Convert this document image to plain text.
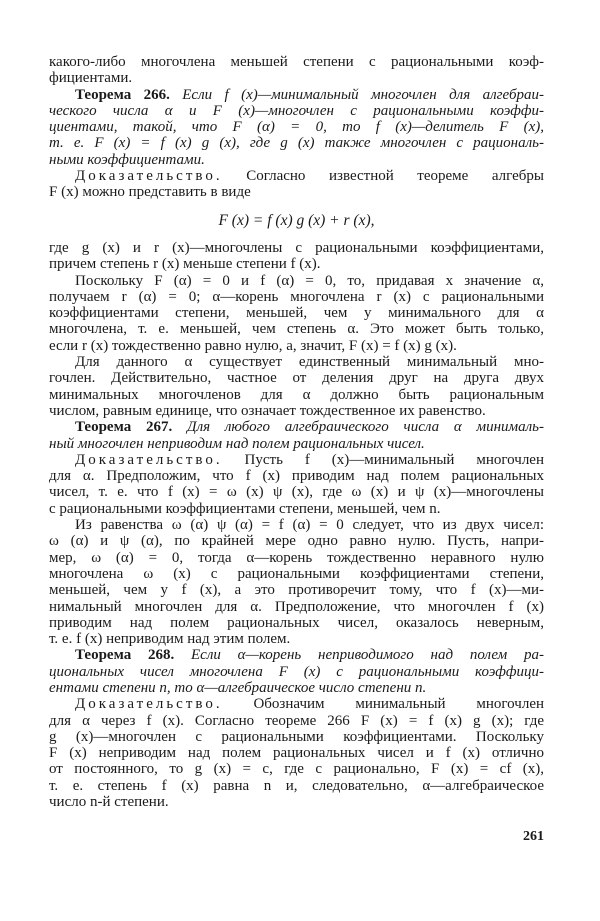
какого-либо многочлена меньшей степени с рациональными коэф-
фициентами.
Теорема 266. Если f (x)—минимальный многочлен для алгебраи-
ческого числа α и F (x)—многочлен с рациональными коэффи-
циентами, такой, что F (α) = 0, то f (x)—делитель F (x),
т. е. F (x) = f (x) g (x), где g (x) также многочлен с рациональ-
ными коэффициентами.
Доказательство. Согласно известной теореме алгебры
F (x) можно представить в виде
F (x) = f (x) g (x) + r (x),
где g (x) и r (x)—многочлены с рациональными коэффициентами,
причем степень r (x) меньше степени f (x).
Поскольку F (α) = 0 и f (α) = 0, то, придавая x значение α,
получаем r (α) = 0; α—корень многочлена r (x) с рациональными
коэффициентами степени, меньшей, чем у минимального для α
многочлена, т. е. меньшей, чем степень α. Это может быть только,
если r (x) тождественно равно нулю, а, значит, F (x) = f (x) g (x).
Для данного α существует единственный минимальный мно-
гочлен. Действительно, частное от деления друг на друга двух
минимальных многочленов для α должно быть рациональным
числом, равным единице, что означает тождественное их равенство.
Теорема 267. Для любого алгебраического числа α минималь-
ный многочлен неприводим над полем рациональных чисел.
Доказательство. Пусть f (x)—минимальный многочлен
для α. Предположим, что f (x) приводим над полем рациональных
чисел, т. е. что f (x) = ω (x) ψ (x), где ω (x) и ψ (x)—многочлены
с рациональными коэффициентами степени, меньшей, чем n.
Из равенства ω (α) ψ (α) = f (α) = 0 следует, что из двух чисел:
ω (α) и ψ (α), по крайней мере одно равно нулю. Пусть, напри-
мер, ω (α) = 0, тогда α—корень тождественно неравного нулю
многочлена ω (x) с рациональными коэффициентами степени,
меньшей, чем у f (x), а это противоречит тому, что f (x)—ми-
нимальный многочлен для α. Предположение, что многочлен f (x)
приводим над полем рациональных чисел, оказалось неверным,
т. е. f (x) неприводим над этим полем.
Теорема 268. Если α—корень неприводимого над полем ра-
циональных чисел многочлена F (x) с рациональными коэффици-
ентами степени n, то α—алгебраическое число степени n.
Доказательство. Обозначим минимальный многочлен
для α через f (x). Согласно теореме 266 F (x) = f (x) g (x); где
g (x)—многочлен с рациональными коэффициентами. Поскольку
F (x) неприводим над полем рациональных чисел и f (x) отлично
от постоянного, то g (x) = c, где c рационально, F (x) = cf (x),
т. е. степень f (x) равна n и, следовательно, α—алгебраическое
число n-й степени.
261
